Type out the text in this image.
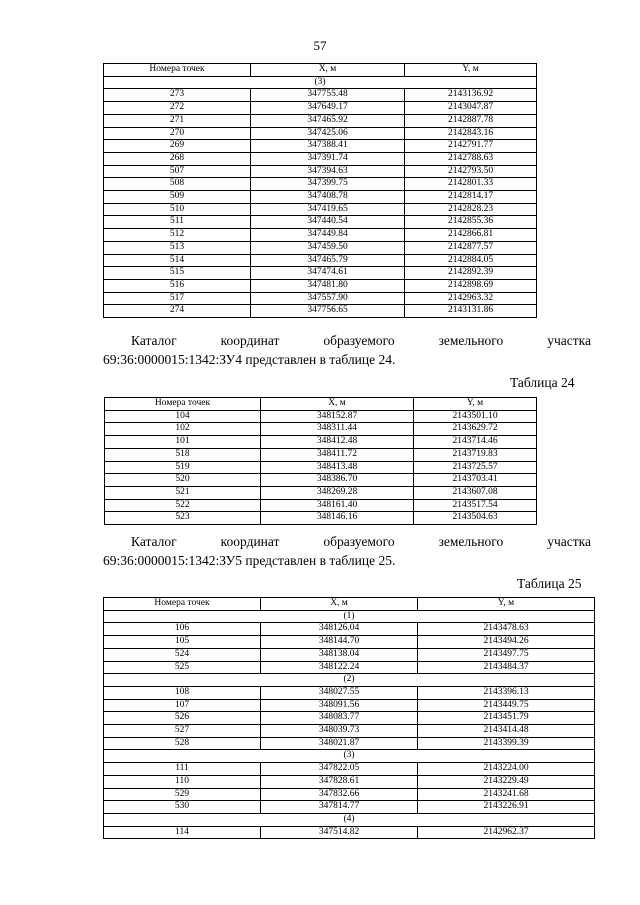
57
Номера точек	X, м	Y, м
(3)		
273	347755.48	2143136.92
272	347649.17	2143047.87
271	347465.92	2142887.78
270	347425.06	2142843.16
269	347388.41	2142791.77
268	347391.74	2142788.63
507	347394.63	2142793.50
508	347399.75	2142801.33
509	347408.78	2142814.17
510	347419.65	2142828.23
511	347440.54	2142855.36
512	347449.84	2142866.81
513	347459.50	2142877.57
514	347465.79	2142884.05
515	347474.61	2142892.39
516	347481.80	2142898.69
517	347557.90	2142963.32
274	347756.65	2143131.86
Каталог	координат	образуемого	земельного	участка
69:36:0000015:1342:ЗУ4 представлен в таблице 24.
Таблица 24
Номера точек	X, м	Y, м
104	348152.87	2143501.10
102	348311.44	2143629.72
101	348412.48	2143714.46
518	348411.72	2143719.83
519	348413.48	2143725.57
520	348386.70	2143703.41
521	348269.28	2143607.08
522	348161.40	2143517.54
523	348146.16	2143504.63
Каталог	координат	образуемого	земельного	участка
69:36:0000015:1342:ЗУ5 представлен в таблице 25.
Таблица 25
Номера точек	X, м	Y, м
(1)		
106	348126.04	2143478.63
105	348144.70	2143494.26
524	348138.04	2143497.75
525	348122.24	2143484.37
(2)		
108	348027.55	2143396.13
107	348091.56	2143449.75
526	348083.77	2143451.79
527	348039.73	2143414.48
528	348021.87	2143399.39
(3)		
111	347822.05	2143224.00
110	347828.61	2143229.49
529	347832.66	2143241.68
530	347814.77	2143226.91
(4)		
114	347514.82	2142962.37
